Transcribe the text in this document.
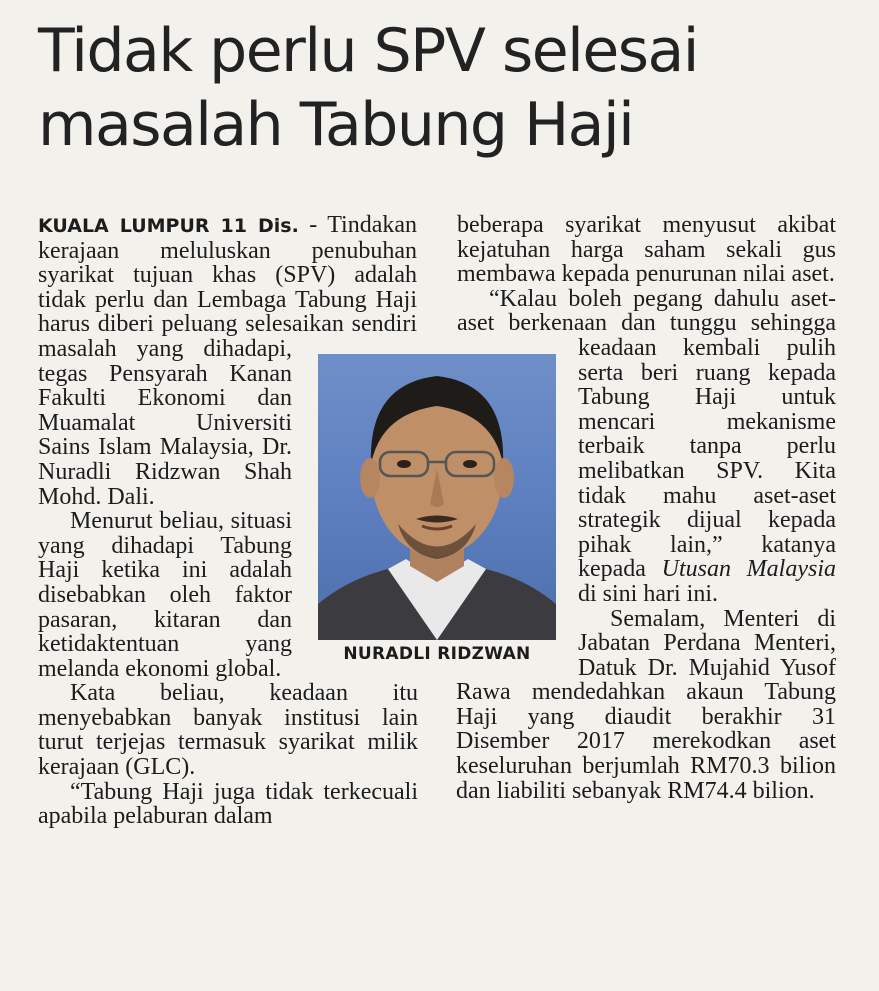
Tidak perlu SPV selesai
masalah Tabung Haji

KUALA LUMPUR 11 Dis. - Tindakan kerajaan meluluskan penubuhan syarikat tujuan khas (SPV) adalah tidak perlu dan Lembaga Tabung Haji harus diberi peluang selesaikan sendiri masalah yang dihadapi, tegas Pensyarah Kanan Fakulti Ekonomi dan Muamalat Universiti Sains Islam Malaysia, Dr. Nuradli Ridzwan Shah Mohd. Dali.

Menurut beliau, situasi yang dihadapi Tabung Haji ketika ini adalah disebabkan oleh faktor pasaran, kitaran dan ketidaktentuan yang melanda ekonomi global.

Kata beliau, keadaan itu menyebabkan banyak institusi lain turut terjejas termasuk syarikat milik kerajaan (GLC).

“Tabung Haji juga tidak terkecuali apabila pelaburan dalam

beberapa syarikat menyusut akibat kejatuhan harga saham sekali gus membawa kepada penurunan nilai aset.

“Kalau boleh pegang dahulu aset-aset berkenaan dan tunggu sehingga keadaan kembali pulih serta beri ruang kepada Tabung Haji untuk mencari mekanisme terbaik tanpa perlu melibatkan SPV. Kita tidak mahu aset-aset strategik dijual kepada pihak lain,” katanya kepada Utusan Malaysia di sini hari ini.

Semalam, Menteri di Jabatan Perdana Menteri, Datuk Dr. Mujahid Yusof Rawa mendedahkan akaun Tabung Haji yang diaudit berakhir 31 Disember 2017 merekodkan aset keseluruhan berjumlah RM70.3 bilion dan liabiliti sebanyak RM74.4 bilion.

NURADLI RIDZWAN
